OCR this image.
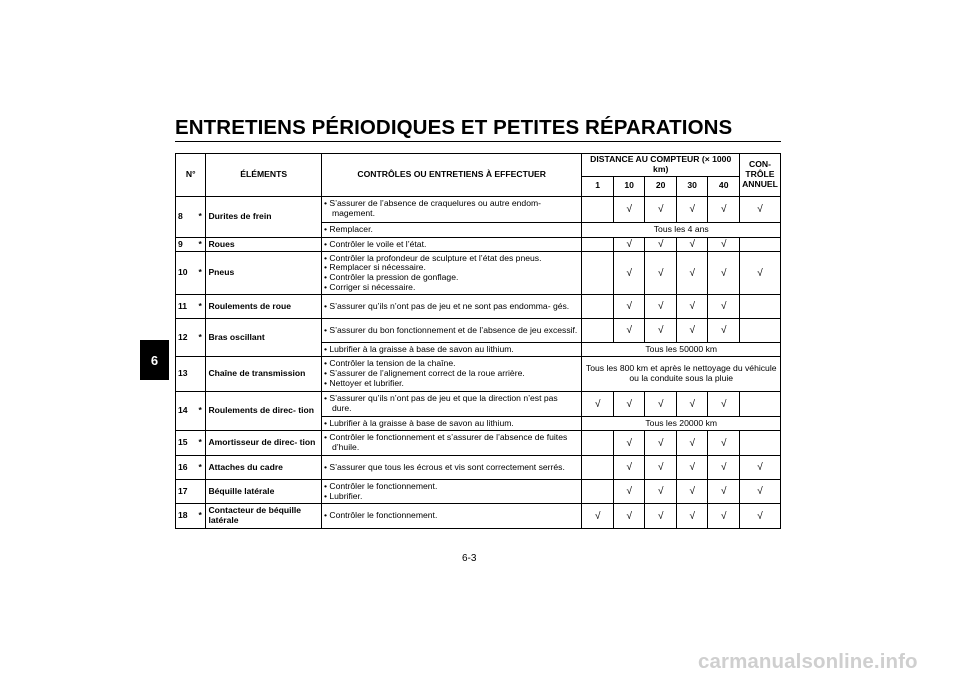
ENTRETIENS PÉRIODIQUES ET PETITES RÉPARATIONS
6
N°		ÉLÉMENTS	CONTRÔLES OU ENTRETIENS À EFFECTUER	DISTANCE AU COMPTEUR (× 1000 km)					CON- TRÔLE ANNUEL
				1	10	20	30	40	
8	*	Durites de frein	• S’assurer de l’absence de craquelures ou autre endom- magement.		√	√	√	√	√

			• Remplacer.	Tous les 4 ans					
9	*	Roues	• Contrôler le voile et l’état.		√	√	√	√	
10	*	Pneus	• Contrôler la profondeur de sculpture et l’état des pneus.
• Remplacer si nécessaire.
• Contrôler la pression de gonflage.
• Corriger si nécessaire.		√	√	√	√	√
11	*	Roulements de roue	• S’assurer qu’ils n’ont pas de jeu et ne sont pas endomma- gés.		√	√	√	√	
12	*	Bras oscillant	• S’assurer du bon fonctionnement et de l’absence de jeu excessif.		√	√	√	√	

			• Lubrifier à la graisse à base de savon au lithium.	Tous les 50000 km					
13		Chaîne de transmission	• Contrôler la tension de la chaîne.
• S’assurer de l’alignement correct de la roue arrière.
• Nettoyer et lubrifier.	Tous les 800 km et après le nettoyage du véhicule ou la conduite sous la pluie					
14	*	Roulements de direc- tion	• S’assurer qu’ils n’ont pas de jeu et que la direction n’est pas dure.	√	√	√	√	√	

			• Lubrifier à la graisse à base de savon au lithium.	Tous les 20000 km					
15	*	Amortisseur de direc- tion	• Contrôler le fonctionnement et s’assurer de l’absence de fuites d’huile.		√	√	√	√	
16	*	Attaches du cadre	• S’assurer que tous les écrous et vis sont correctement serrés.		√	√	√	√	√
17		Béquille latérale	• Contrôler le fonctionnement.
• Lubrifier.		√	√	√	√	√
18	*	Contacteur de béquille latérale	• Contrôler le fonctionnement.	√	√	√	√	√	√
6-3
carmanualsonline.info
